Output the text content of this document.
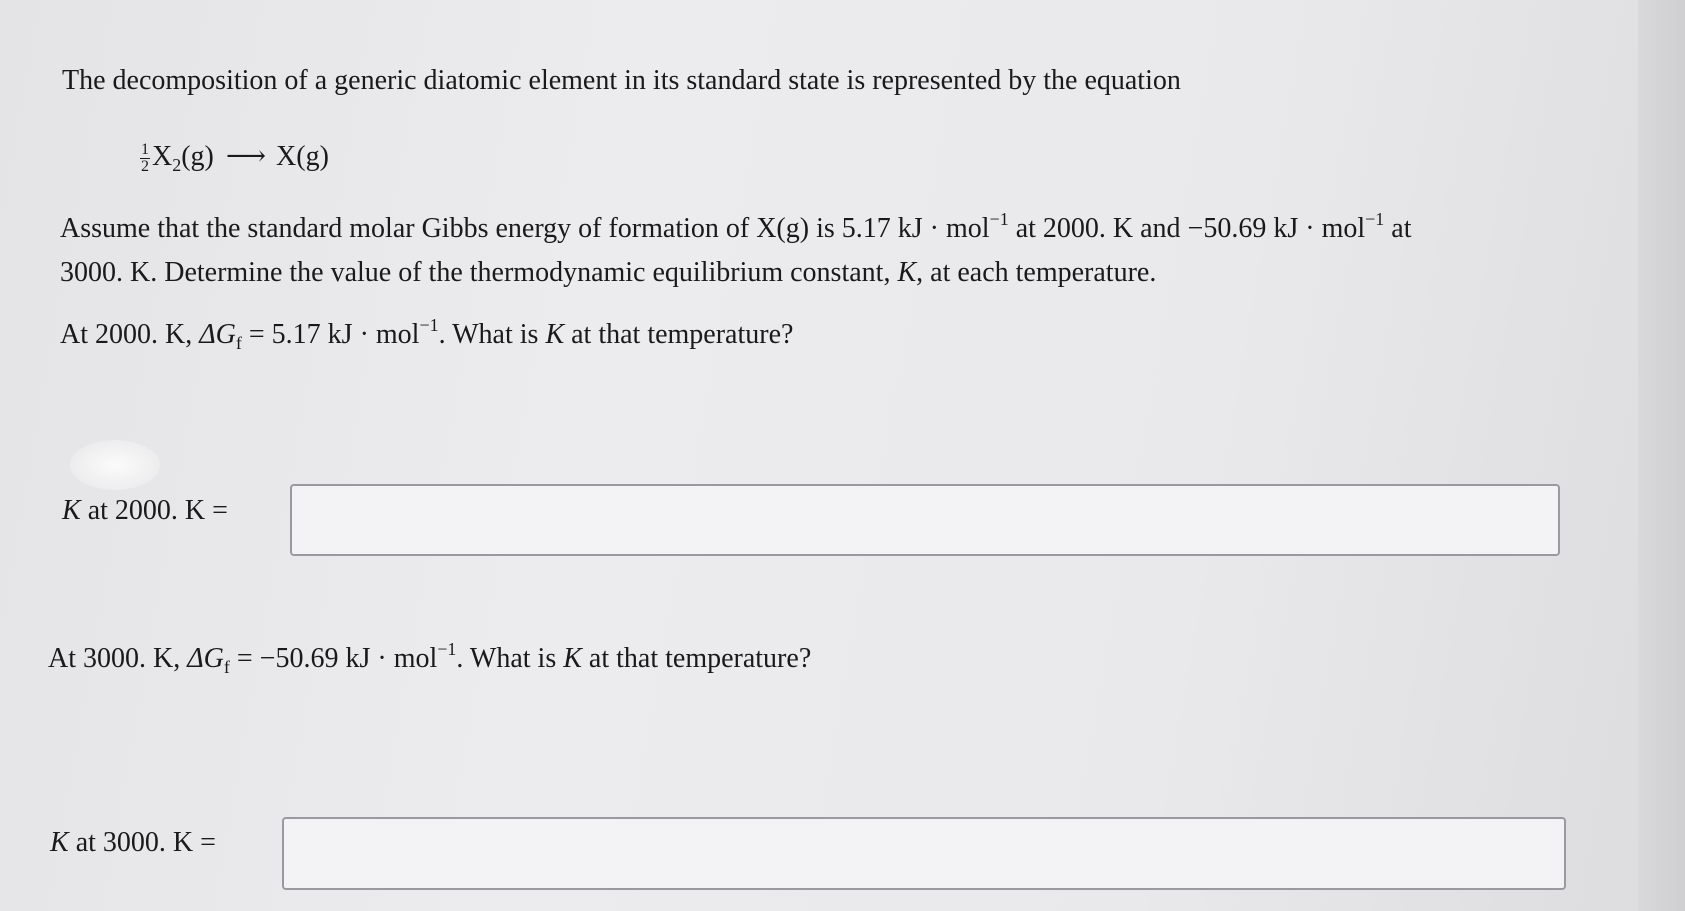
The decomposition of a generic diatomic element in its standard state is represented by the equation
$\frac{1}{2} X_2(g)$ ⟶ X(g)
Assume that the standard molar Gibbs energy of formation of X(g) is 5.17 kJ · mol$^{-1}$ at 2000. K and −50.69 kJ · mol$^{-1}$ at
3000. K. Determine the value of the thermodynamic equilibrium constant, K, at each temperature.
At 2000. K, $\Delta G_f = 5.17$ kJ · mol$^{-1}$. What is K at that temperature?
K at 2000. K =
At 3000. K, $\Delta G_f = -50.69$ kJ · mol$^{-1}$. What is K at that temperature?
K at 3000. K =
